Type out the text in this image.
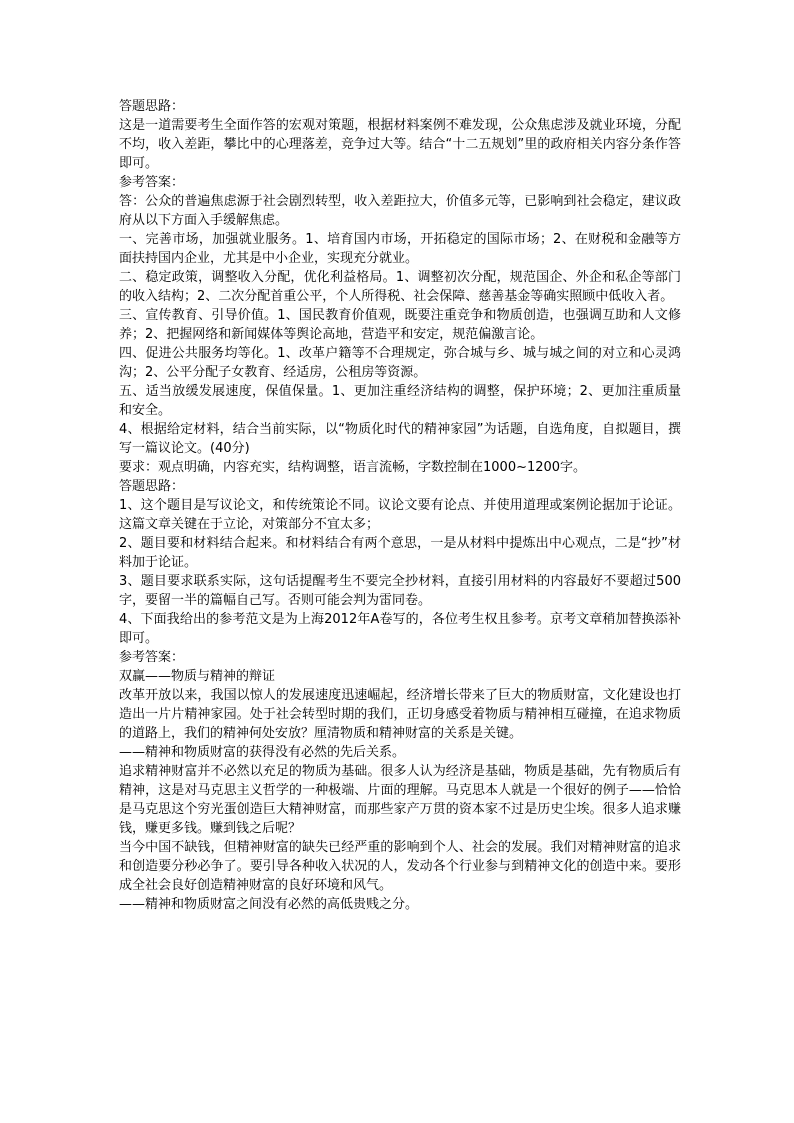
答题思路：

这是一道需要考生全面作答的宏观对策题，根据材料案例不难发现，公众焦虑涉及就业环境，分配不均，收入差距，攀比中的心理落差，竞争过大等。结合“十二五规划”里的政府相关内容分条作答即可。

参考答案：

答：公众的普遍焦虑源于社会剧烈转型，收入差距拉大，价值多元等，已影响到社会稳定，建议政府从以下方面入手缓解焦虑。

一、完善市场，加强就业服务。1、培育国内市场，开拓稳定的国际市场；2、在财税和金融等方面扶持国内企业，尤其是中小企业，实现充分就业。

二、稳定政策，调整收入分配，优化利益格局。1、调整初次分配，规范国企、外企和私企等部门的收入结构；2、二次分配首重公平，个人所得税、社会保障、慈善基金等确实照顾中低收入者。

三、宣传教育、引导价值。1、国民教育价值观，既要注重竞争和物质创造，也强调互助和人文修养；2、把握网络和新闻媒体等舆论高地，营造平和安定，规范偏激言论。

四、促进公共服务均等化。1、改革户籍等不合理规定，弥合城与乡、城与城之间的对立和心灵鸿沟；2、公平分配子女教育、经适房，公租房等资源。

五、适当放缓发展速度，保值保量。1、更加注重经济结构的调整，保护环境；2、更加注重质量和安全。

4、根据给定材料，结合当前实际，以“物质化时代的精神家园”为话题，自选角度，自拟题目，撰写一篇议论文。(40分)

要求：观点明确，内容充实，结构调整，语言流畅，字数控制在1000~1200字。

答题思路：

1、这个题目是写议论文，和传统策论不同。议论文要有论点、并使用道理或案例论据加于论证。这篇文章关键在于立论，对策部分不宜太多；

2、题目要和材料结合起来。和材料结合有两个意思，一是从材料中提炼出中心观点，二是“抄”材料加于论证。

3、题目要求联系实际，这句话提醒考生不要完全抄材料，直接引用材料的内容最好不要超过500字，要留一半的篇幅自己写。否则可能会判为雷同卷。

4、下面我给出的参考范文是为上海2012年A卷写的，各位考生权且参考。京考文章稍加替换添补即可。

参考答案：

双赢——物质与精神的辩证

改革开放以来，我国以惊人的发展速度迅速崛起，经济增长带来了巨大的物质财富，文化建设也打造出一片片精神家园。处于社会转型时期的我们，正切身感受着物质与精神相互碰撞，在追求物质的道路上，我们的精神何处安放？厘清物质和精神财富的关系是关键。

——精神和物质财富的获得没有必然的先后关系。

追求精神财富并不必然以充足的物质为基础。很多人认为经济是基础，物质是基础，先有物质后有精神，这是对马克思主义哲学的一种极端、片面的理解。马克思本人就是一个很好的例子——恰恰是马克思这个穷光蛋创造巨大精神财富，而那些家产万贯的资本家不过是历史尘埃。很多人追求赚钱，赚更多钱。赚到钱之后呢？

当今中国不缺钱，但精神财富的缺失已经严重的影响到个人、社会的发展。我们对精神财富的追求和创造要分秒必争了。要引导各种收入状况的人，发动各个行业参与到精神文化的创造中来。要形成全社会良好创造精神财富的良好环境和风气。

——精神和物质财富之间没有必然的高低贵贱之分。
